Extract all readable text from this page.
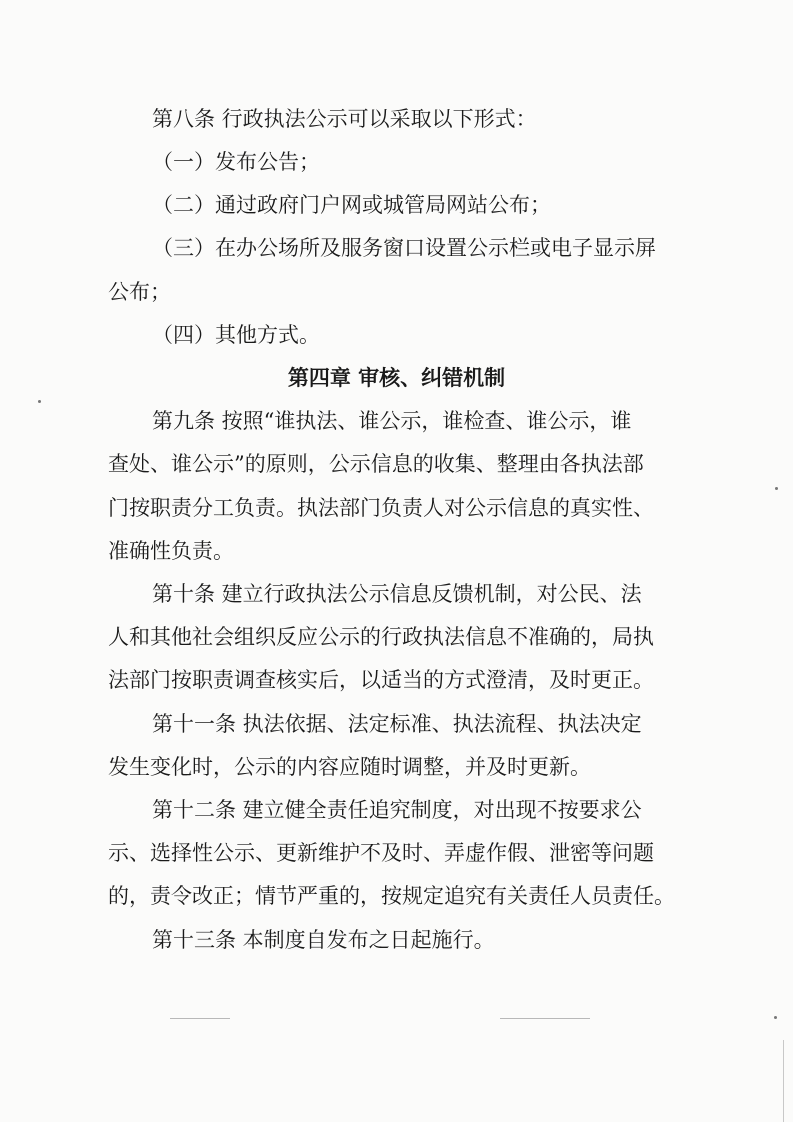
第八条 行政执法公示可以采取以下形式：
（一）发布公告；
（二）通过政府门户网或城管局网站公布；
（三）在办公场所及服务窗口设置公示栏或电子显示屏
公布；
（四）其他方式。
第四章 审核、纠错机制
第九条 按照“谁执法、谁公示，谁检查、谁公示，谁
查处、谁公示”的原则，公示信息的收集、整理由各执法部
门按职责分工负责。执法部门负责人对公示信息的真实性、
准确性负责。
第十条 建立行政执法公示信息反馈机制，对公民、法
人和其他社会组织反应公示的行政执法信息不准确的，局执
法部门按职责调查核实后，以适当的方式澄清，及时更正。
第十一条 执法依据、法定标准、执法流程、执法决定
发生变化时，公示的内容应随时调整，并及时更新。
第十二条 建立健全责任追究制度，对出现不按要求公
示、选择性公示、更新维护不及时、弄虚作假、泄密等问题
的，责令改正；情节严重的，按规定追究有关责任人员责任。
第十三条 本制度自发布之日起施行。
